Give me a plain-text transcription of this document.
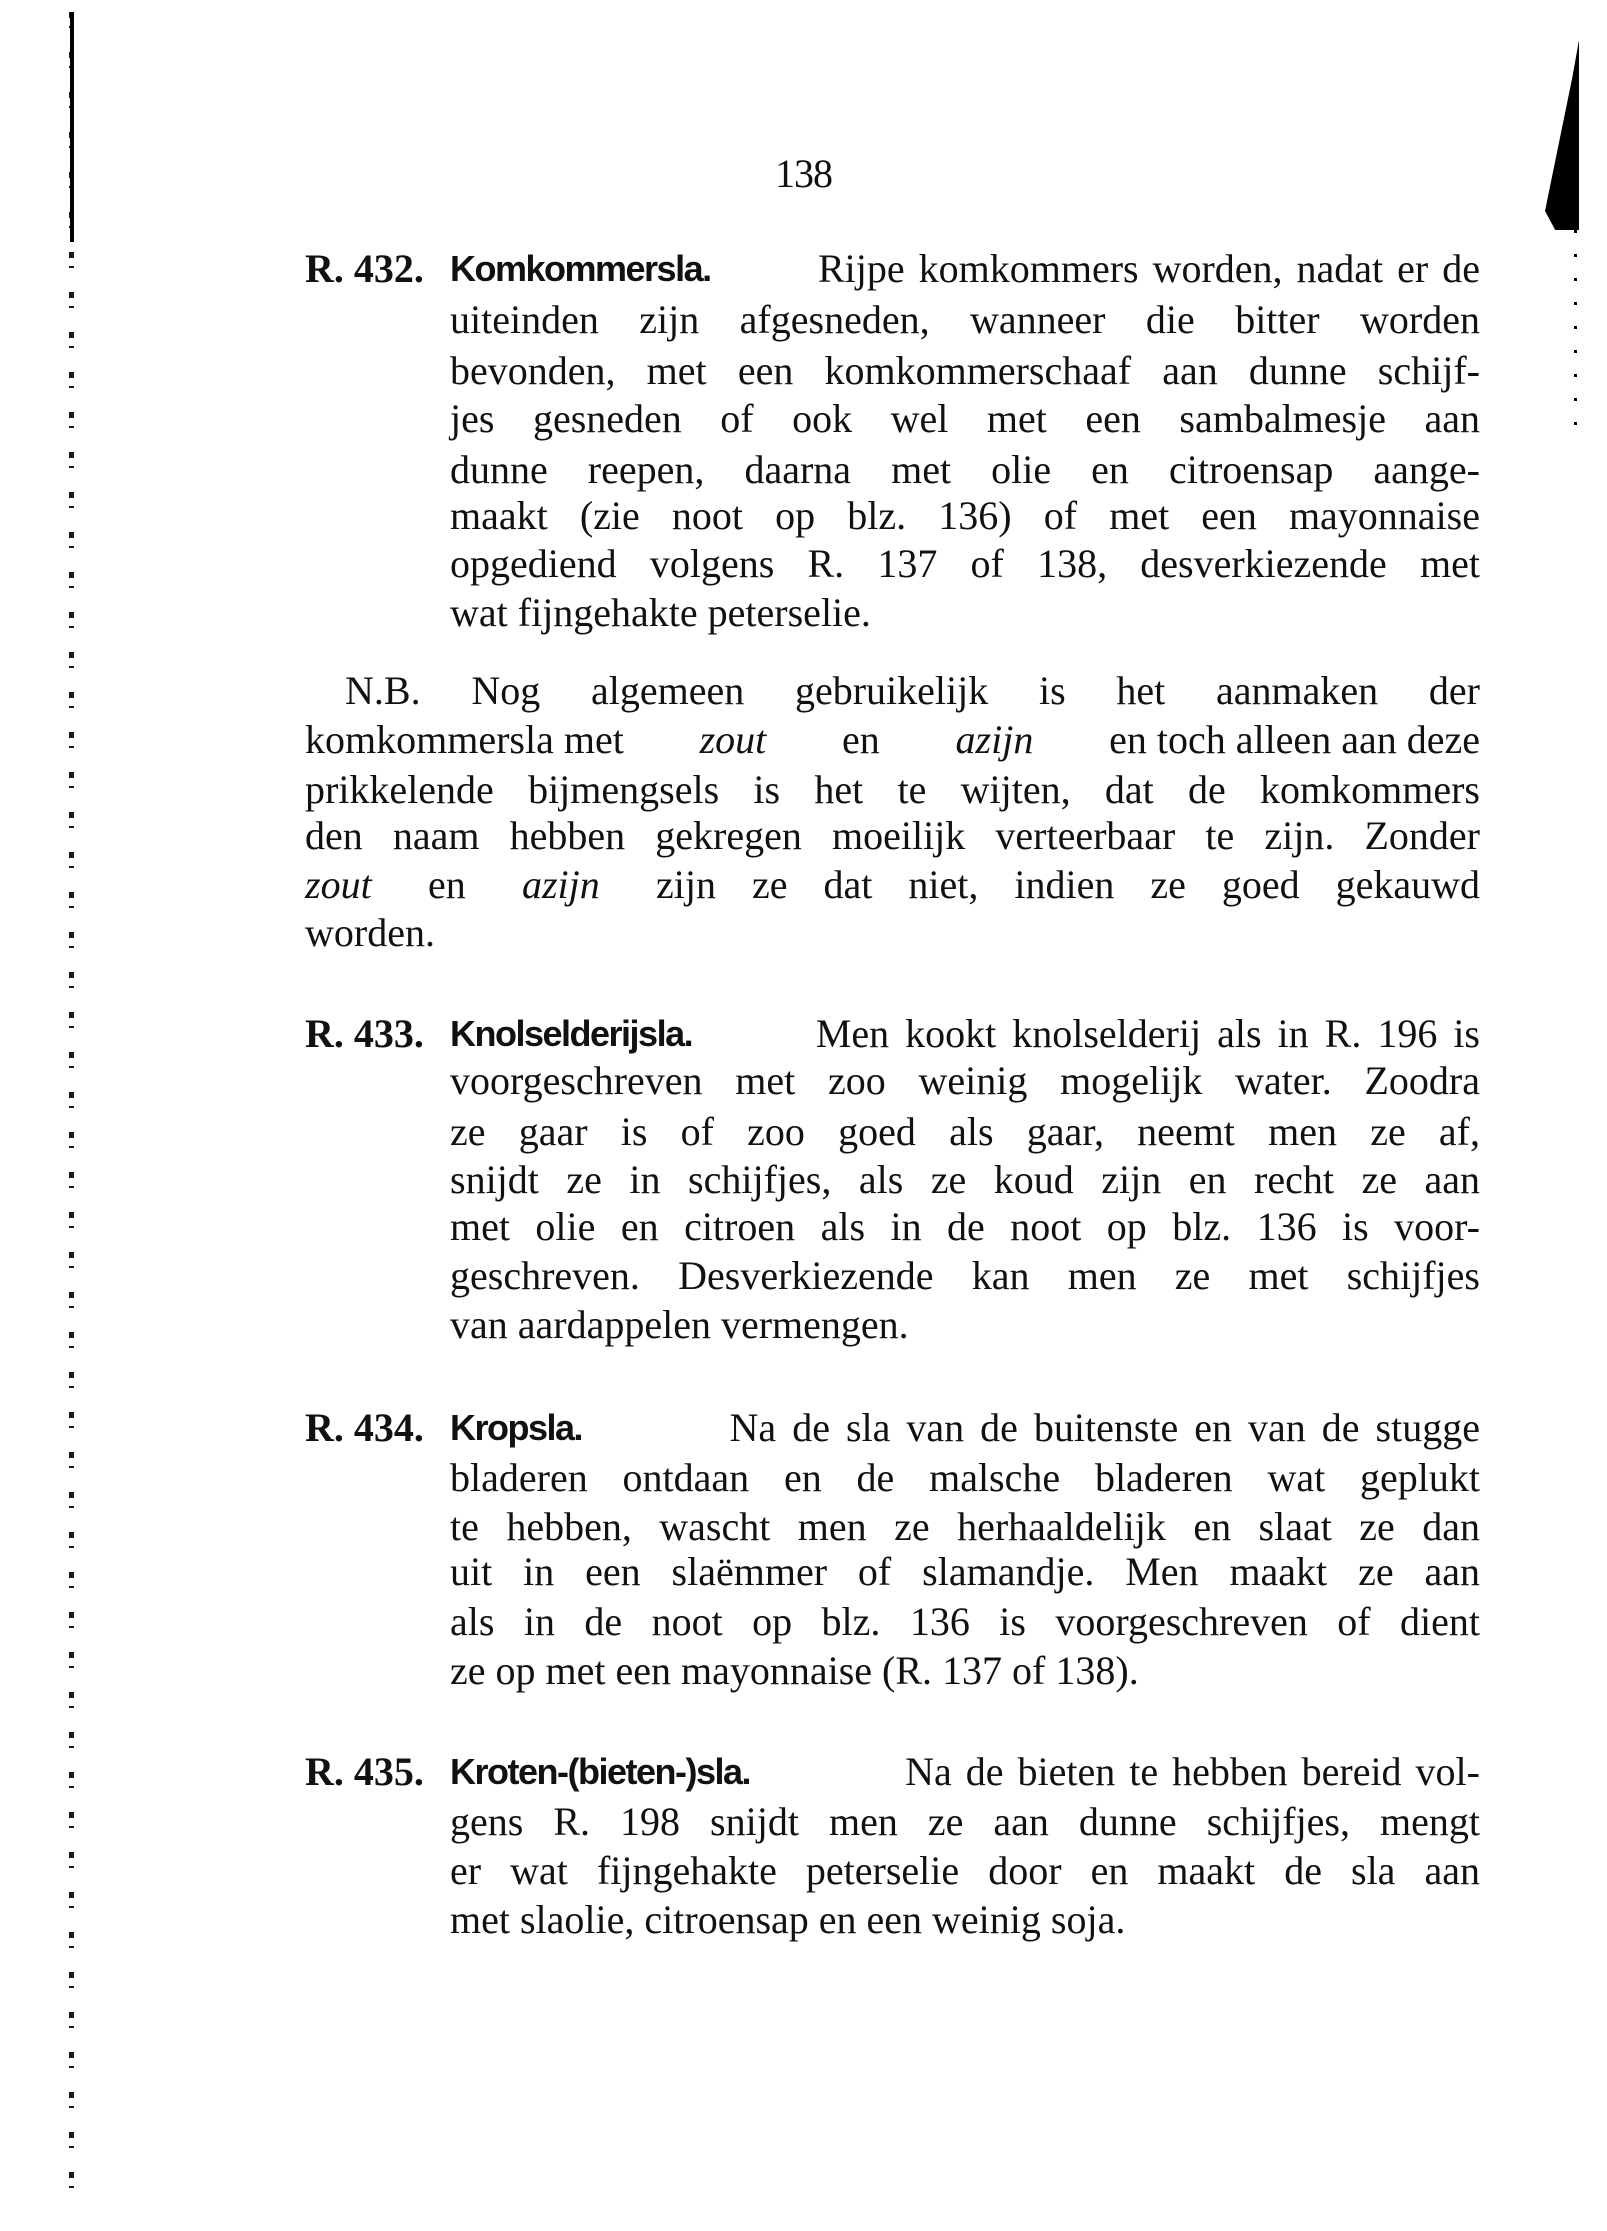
138
R. 432. Komkommersla.	Rijpe komkommers worden, nadat er de
uiteinden zijn afgesneden, wanneer die bitter worden
bevonden, met een komkommerschaaf aan dunne schijf-
jes gesneden of ook wel met een sambalmesje aan
dunne reepen, daarna met olie en citroensap aange-
maakt (zie noot op blz. 136) of met een mayonnaise
opgediend volgens R. 137 of 138, desverkiezende met
wat fijngehakte peterselie.
N.B. Nog algemeen gebruikelijk is het aanmaken der
komkommersla met zout en azijn en toch alleen aan deze
prikkelende bijmengsels is het te wijten, dat de komkommers
den naam hebben gekregen moeilijk verteerbaar te zijn. Zonder
zout en azijn zijn ze dat niet, indien ze goed gekauwd
worden.
R. 433. Knolselderijsla.	Men kookt knolselderij als in R. 196 is
voorgeschreven met zoo weinig mogelijk water. Zoodra
ze gaar is of zoo goed als gaar, neemt men ze af,
snijdt ze in schijfjes, als ze koud zijn en recht ze aan
met olie en citroen als in de noot op blz. 136 is voor-
geschreven. Desverkiezende kan men ze met schijfjes
van aardappelen vermengen.
R. 434. Kropsla.	Na de sla van de buitenste en van de stugge
bladeren ontdaan en de malsche bladeren wat geplukt
te hebben, wascht men ze herhaaldelijk en slaat ze dan
uit in een slaëmmer of slamandje. Men maakt ze aan
als in de noot op blz. 136 is voorgeschreven of dient
ze op met een mayonnaise (R. 137 of 138).
R. 435. Kroten-(bieten-)sla.	Na de bieten te hebben bereid vol-
gens R. 198 snijdt men ze aan dunne schijfjes, mengt
er wat fijngehakte peterselie door en maakt de sla aan
met slaolie, citroensap en een weinig soja.
